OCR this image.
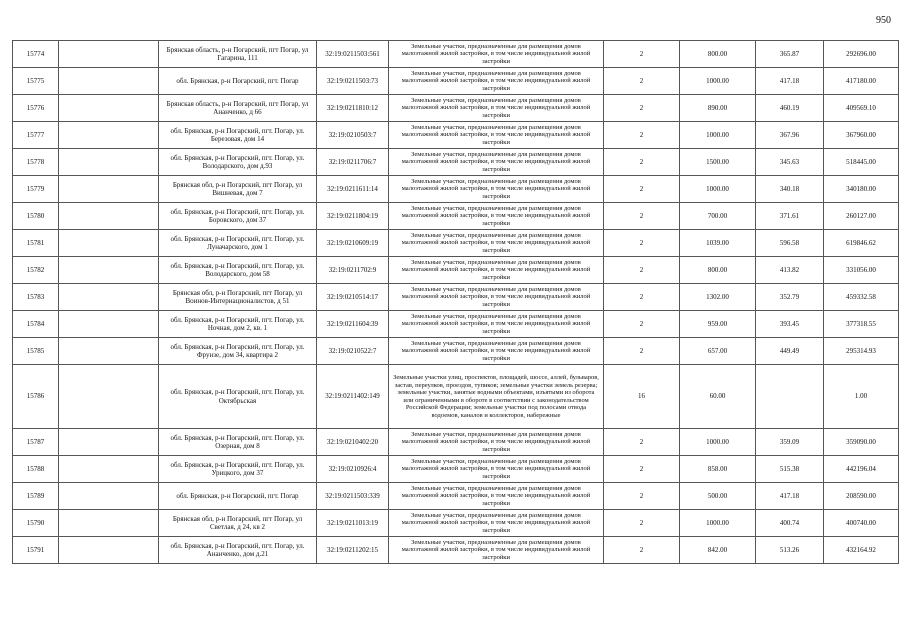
950
15774		Брянская область, р-н Погарский, пгт Погар, ул Гагарина, 111	32:19:0211503:561	Земельные участки, предназначенные для размещения домов малоэтажной жилой застройки, в том числе индивидуальной жилой застройки	2	800.00	365.87	292696.00
15775		обл. Брянская, р-н Погарский, пгт. Погар	32:19:0211503:73	Земельные участки, предназначенные для размещения домов малоэтажной жилой застройки, в том числе индивидуальной жилой застройки	2	1000.00	417.18	417180.00
15776		Брянская область, р-н Погарский, пгт Погар, ул Ананченко, д 66	32:19:0211810:12	Земельные участки, предназначенные для размещения домов малоэтажной жилой застройки, в том числе индивидуальной жилой застройки	2	890.00	460.19	409569.10
15777		обл. Брянская, р-н Погарский, пгт. Погар, ул. Березовая, дом 14	32:19:0210503:7	Земельные участки, предназначенные для размещения домов малоэтажной жилой застройки, в том числе индивидуальной жилой застройки	2	1000.00	367.96	367960.00
15778		обл. Брянская, р-н Погарский, пгт. Погар, ул. Володарского, дом д.93	32:19:0211706:7	Земельные участки, предназначенные для размещения домов малоэтажной жилой застройки, в том числе индивидуальной жилой застройки	2	1500.00	345.63	518445.00
15779		Брянская обл, р-н Погарский, пгт Погар, ул Вишневая, дом 7	32:19:0211611:14	Земельные участки, предназначенные для размещения домов малоэтажной жилой застройки, в том числе индивидуальной жилой застройки	2	1000.00	340.18	340180.00
15780		обл. Брянская, р-н Погарский, пгт. Погар, ул. Боровского, дом 37	32:19:0211804:19	Земельные участки, предназначенные для размещения домов малоэтажной жилой застройки, в том числе индивидуальной жилой застройки	2	700.00	371.61	260127.00
15781		обл. Брянская, р-н Погарский, пгт. Погар, ул. Луначарского, дом 1	32:19:0210609:19	Земельные участки, предназначенные для размещения домов малоэтажной жилой застройки, в том числе индивидуальной жилой застройки	2	1039.00	596.58	619846.62
15782		обл. Брянская, р-н Погарский, пгт. Погар, ул. Володарского, дом 58	32:19:0211702:9	Земельные участки, предназначенные для размещения домов малоэтажной жилой застройки, в том числе индивидуальной жилой застройки	2	800.00	413.82	331056.00
15783		Брянская обл, р-н Погарский, пгт Погар, ул Воинов-Интернационалистов, д 51	32:19:0210514:17	Земельные участки, предназначенные для размещения домов малоэтажной жилой застройки, в том числе индивидуальной жилой застройки	2	1302.00	352.79	459332.58
15784		обл. Брянская, р-н Погарский, пгт. Погар, ул. Ночная, дом 2, кв. 1	32:19:0211604:39	Земельные участки, предназначенные для размещения домов малоэтажной жилой застройки, в том числе индивидуальной жилой застройки	2	959.00	393.45	377318.55
15785		обл. Брянская, р-н Погарский, пгт. Погар, ул. Фрунзе, дом 34, квартира 2	32:19:0210522:7	Земельные участки, предназначенные для размещения домов малоэтажной жилой застройки, в том числе индивидуальной жилой застройки	2	657.00	449.49	295314.93
15786		обл. Брянская, р-н Погарский, пгт. Погар, ул. Октябрьская	32:19:0211402:149	Земельные участки улиц, проспектов, площадей, шоссе, аллей, бульваров, застав, переулков, проездов, тупиков; земельные участки земель резерва; земельные участки, занятые водными объектами, изъятыми из оборота или ограниченными в обороте в соответствии с законодательством Российской Федерации; земельные участки под полосами отвода водоемов, каналов и коллекторов, набережные	16	60.00		1.00
15787		обл. Брянская, р-н Погарский, пгт. Погар, ул. Озерная, дом 8	32:19:0210402:20	Земельные участки, предназначенные для размещения домов малоэтажной жилой застройки, в том числе индивидуальной жилой застройки	2	1000.00	359.09	359090.00
15788		обл. Брянская, р-н Погарский, пгт. Погар, ул. Урицкого, дом 37	32:19:0210926:4	Земельные участки, предназначенные для размещения домов малоэтажной жилой застройки, в том числе индивидуальной жилой застройки	2	858.00	515.38	442196.04
15789		обл. Брянская, р-н Погарский, пгт. Погар	32:19:0211503:339	Земельные участки, предназначенные для размещения домов малоэтажной жилой застройки, в том числе индивидуальной жилой застройки	2	500.00	417.18	208590.00
15790		Брянская обл, р-н Погарский, пгт Погар, ул Светлая, д 24, кв 2	32:19:0211013:19	Земельные участки, предназначенные для размещения домов малоэтажной жилой застройки, в том числе индивидуальной жилой застройки	2	1000.00	400.74	400740.00
15791		обл. Брянская, р-н Погарский, пгт. Погар, ул. Ананченко, дом д.21	32:19:0211202:15	Земельные участки, предназначенные для размещения домов малоэтажной жилой застройки, в том числе индивидуальной жилой застройки	2	842.00	513.26	432164.92
